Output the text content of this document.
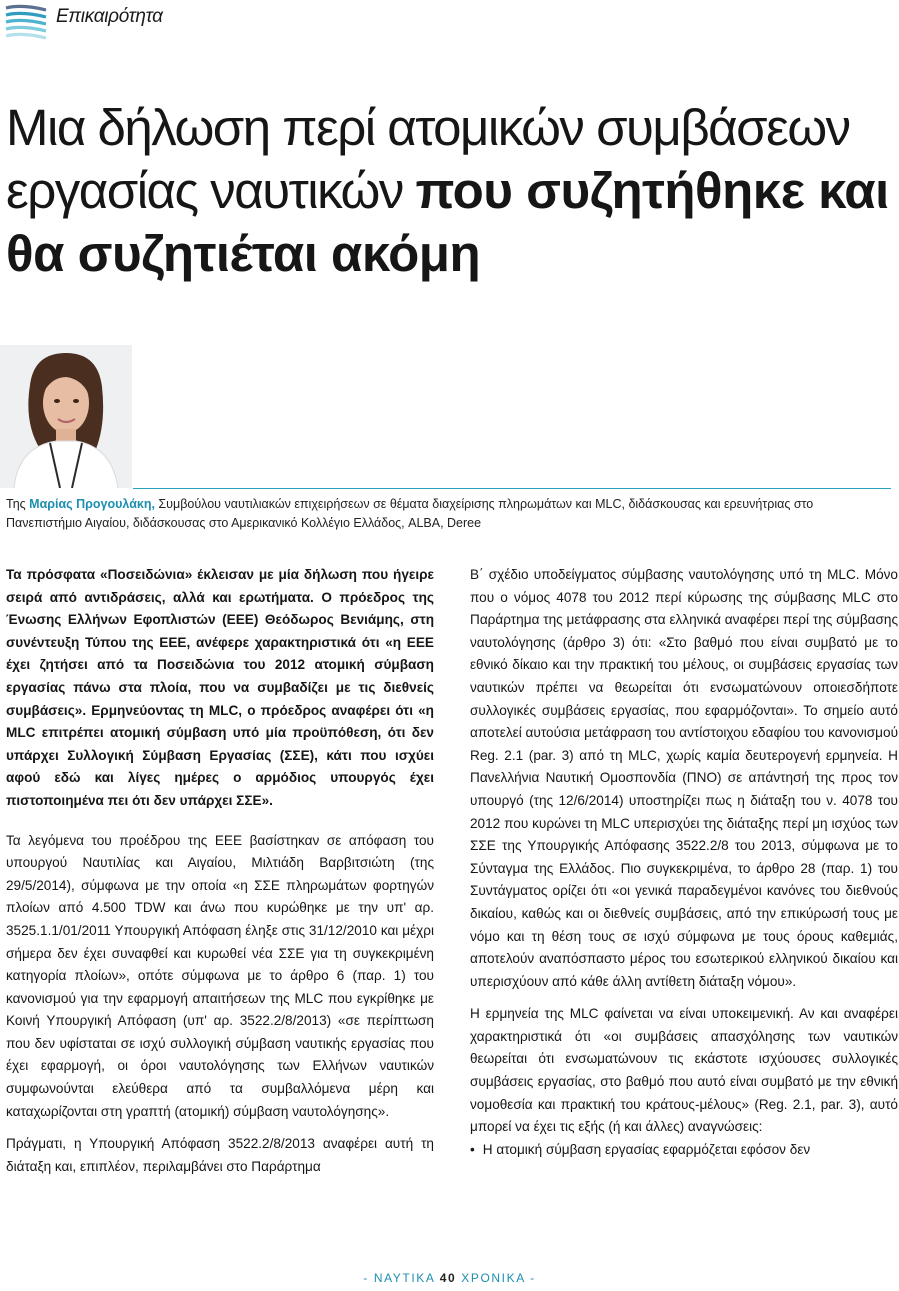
Επικαιρότητα
Μια δήλωση περί ατομικών συμβάσεων εργασίας ναυτικών που συζητήθηκε και θα συζητιέται ακόμη

Της Μαρίας Προγουλάκη, Συμβούλου ναυτιλιακών επιχειρήσεων σε θέματα διαχείρισης πληρωμάτων και MLC, διδάσκουσας και ερευνήτριας στο Πανεπιστήμιο Αιγαίου, διδάσκουσας στο Αμερικανικό Κολλέγιο Ελλάδος, ALBA, Deree

Τα πρόσφατα «Ποσειδώνια» έκλεισαν με μία δήλωση που ήγειρε σειρά από αντιδράσεις, αλλά και ερωτήματα. Ο πρόεδρος της Ένωσης Ελλήνων Εφοπλιστών (ΕΕΕ) Θεόδωρος Βενιάμης, στη συνέντευξη Τύπου της ΕΕΕ, ανέφερε χαρακτηριστικά ότι «η ΕΕΕ έχει ζητήσει από τα Ποσειδώνια του 2012 ατομική σύμβαση εργασίας πάνω στα πλοία, που να συμβαδίζει με τις διεθνείς συμβάσεις». Ερμηνεύοντας τη MLC, ο πρόεδρος αναφέρει ότι «η MLC επιτρέπει ατομική σύμβαση υπό μία προϋπόθεση, ότι δεν υπάρχει Συλλογική Σύμβαση Εργασίας (ΣΣΕ), κάτι που ισχύει αφού εδώ και λίγες ημέρες ο αρμόδιος υπουργός έχει πιστοποιημένα πει ότι δεν υπάρχει ΣΣΕ».

Τα λεγόμενα του προέδρου της ΕΕΕ βασίστηκαν σε απόφαση του υπουργού Ναυτιλίας και Αιγαίου, Μιλτιάδη Βαρβιτσιώτη (της 29/5/2014), σύμφωνα με την οποία «η ΣΣΕ πληρωμάτων φορτηγών πλοίων από 4.500 TDW και άνω που κυρώθηκε με την υπ' αρ. 3525.1.1/01/2011 Υπουργική Απόφαση έληξε στις 31/12/2010 και μέχρι σήμερα δεν έχει συναφθεί και κυρωθεί νέα ΣΣΕ για τη συγκεκριμένη κατηγορία πλοίων», οπότε σύμφωνα με το άρθρο 6 (παρ. 1) του κανονισμού για την εφαρμογή απαιτήσεων της MLC που εγκρίθηκε με Κοινή Υπουργική Απόφαση (υπ' αρ. 3522.2/8/2013) «σε περίπτωση που δεν υφίσταται σε ισχύ συλλογική σύμβαση ναυτικής εργασίας που έχει εφαρμογή, οι όροι ναυτολόγησης των Ελλήνων ναυτικών συμφωνούνται ελεύθερα από τα συμβαλλόμενα μέρη και καταχωρίζονται στη γραπτή (ατομική) σύμβαση ναυτολόγησης».

Πράγματι, η Υπουργική Απόφαση 3522.2/8/2013 αναφέρει αυτή τη διάταξη και, επιπλέον, περιλαμβάνει στο Παράρτημα

Β΄ σχέδιο υποδείγματος σύμβασης ναυτολόγησης υπό τη MLC. Μόνο που ο νόμος 4078 του 2012 περί κύρωσης της σύμβασης MLC στο Παράρτημα της μετάφρασης στα ελληνικά αναφέρει περί της σύμβασης ναυτολόγησης (άρθρο 3) ότι: «Στο βαθμό που είναι συμβατό με το εθνικό δίκαιο και την πρακτική του μέλους, οι συμβάσεις εργασίας των ναυτικών πρέπει να θεωρείται ότι ενσωματώνουν οποιεσδήποτε συλλογικές συμβάσεις εργασίας, που εφαρμόζονται». Το σημείο αυτό αποτελεί αυτούσια μετάφραση του αντίστοιχου εδαφίου του κανονισμού Reg. 2.1 (par. 3) από τη MLC, χωρίς καμία δευτερογενή ερμηνεία. Η Πανελλήνια Ναυτική Ομοσπονδία (ΠΝΟ) σε απάντησή της προς τον υπουργό (της 12/6/2014) υποστηρίζει πως η διάταξη του ν. 4078 του 2012 που κυρώνει τη MLC υπερισχύει της διάταξης περί μη ισχύος των ΣΣΕ της Υπουργικής Απόφασης 3522.2/8 του 2013, σύμφωνα με το Σύνταγμα της Ελλάδος. Πιο συγκεκριμένα, το άρθρο 28 (παρ. 1) του Συντάγματος ορίζει ότι «οι γενικά παραδεγμένοι κανόνες του διεθνούς δικαίου, καθώς και οι διεθνείς συμβάσεις, από την επικύρωσή τους με νόμο και τη θέση τους σε ισχύ σύμφωνα με τους όρους καθεμιάς, αποτελούν αναπόσπαστο μέρος του εσωτερικού ελληνικού δικαίου και υπερισχύουν από κάθε άλλη αντίθετη διάταξη νόμου».

Η ερμηνεία της MLC φαίνεται να είναι υποκειμενική. Αν και αναφέρει χαρακτηριστικά ότι «οι συμβάσεις απασχόλησης των ναυτικών θεωρείται ότι ενσωματώνουν τις εκάστοτε ισχύουσες συλλογικές συμβάσεις εργασίας, στο βαθμό που αυτό είναι συμβατό με την εθνική νομοθεσία και πρακτική του κράτους-μέλους» (Reg. 2.1, par. 3), αυτό μπορεί να έχει τις εξής (ή και άλλες) αναγνώσεις:

• Η ατομική σύμβαση εργασίας εφαρμόζεται εφόσον δεν

- ΝΑΥΤΙΚΑ 40 ΧΡΟΝΙΚΑ -
